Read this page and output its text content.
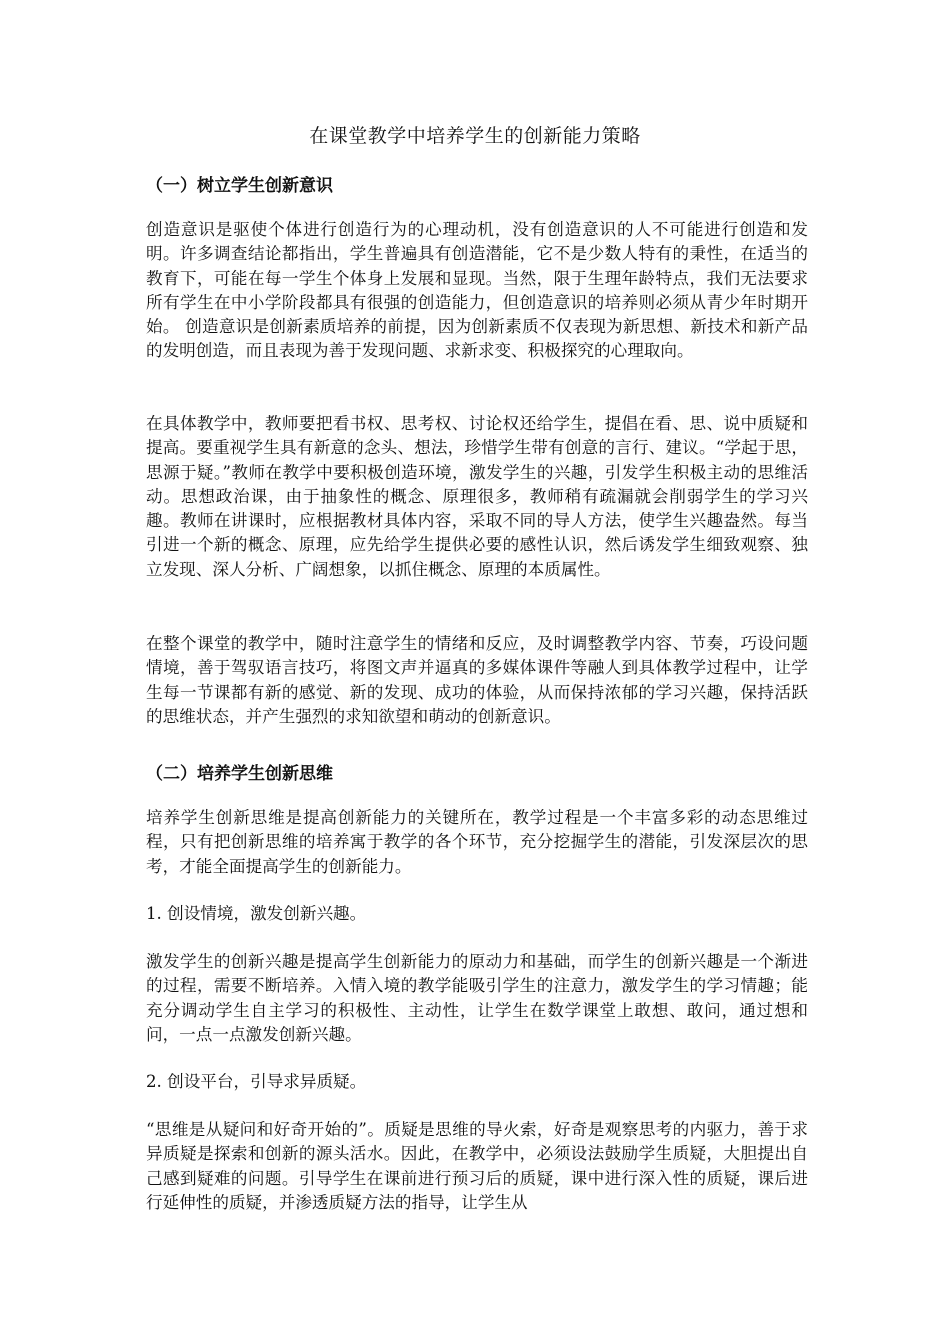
在课堂教学中培养学生的创新能力策略
（一）树立学生创新意识

创造意识是驱使个体进行创造行为的心理动机，没有创造意识的人不可能进行创造和发明。许多调查结论都指出，学生普遍具有创造潜能，它不是少数人特有的秉性，在适当的教育下，可能在每一学生个体身上发展和显现。当然，限于生理年龄特点，我们无法要求所有学生在中小学阶段都具有很强的创造能力，但创造意识的培养则必须从青少年时期开始。 创造意识是创新素质培养的前提，因为创新素质不仅表现为新思想、新技术和新产品的发明创造，而且表现为善于发现问题、求新求变、积极探究的心理取向。

在具体教学中，教师要把看书权、思考权、讨论权还给学生，提倡在看、思、说中质疑和提高。要重视学生具有新意的念头、想法，珍惜学生带有创意的言行、建议。“学起于思，思源于疑。”教师在教学中要积极创造环境，激发学生的兴趣，引发学生积极主动的思维活动。思想政治课，由于抽象性的概念、原理很多，教师稍有疏漏就会削弱学生的学习兴趣。教师在讲课时，应根据教材具体内容，采取不同的导人方法，使学生兴趣盎然。每当引进一个新的概念、原理，应先给学生提供必要的感性认识，然后诱发学生细致观察、独立发现、深人分析、广阔想象，以抓住概念、原理的本质属性。

在整个课堂的教学中，随时注意学生的情绪和反应，及时调整教学内容、节奏，巧设问题情境，善于驾驭语言技巧，将图文声并逼真的多媒体课件等融人到具体教学过程中，让学生每一节课都有新的感觉、新的发现、成功的体验，从而保持浓郁的学习兴趣，保持活跃的思维状态，并产生强烈的求知欲望和萌动的创新意识。

（二）培养学生创新思维

培养学生创新思维是提高创新能力的关键所在，教学过程是一个丰富多彩的动态思维过程，只有把创新思维的培养寓于教学的各个环节，充分挖掘学生的潜能，引发深层次的思考，才能全面提高学生的创新能力。

1. 创设情境，激发创新兴趣。

激发学生的创新兴趣是提高学生创新能力的原动力和基础，而学生的创新兴趣是一个渐进的过程，需要不断培养。入情入境的教学能吸引学生的注意力，激发学生的学习情趣；能充分调动学生自主学习的积极性、主动性，让学生在数学课堂上敢想、敢问，通过想和问，一点一点激发创新兴趣。

2. 创设平台，引导求异质疑。

“思维是从疑问和好奇开始的”。质疑是思维的导火索，好奇是观察思考的内驱力，善于求异质疑是探索和创新的源头活水。因此，在教学中，必须设法鼓励学生质疑，大胆提出自己感到疑难的问题。引导学生在课前进行预习后的质疑，课中进行深入性的质疑，课后进行延伸性的质疑，并渗透质疑方法的指导，让学生从
